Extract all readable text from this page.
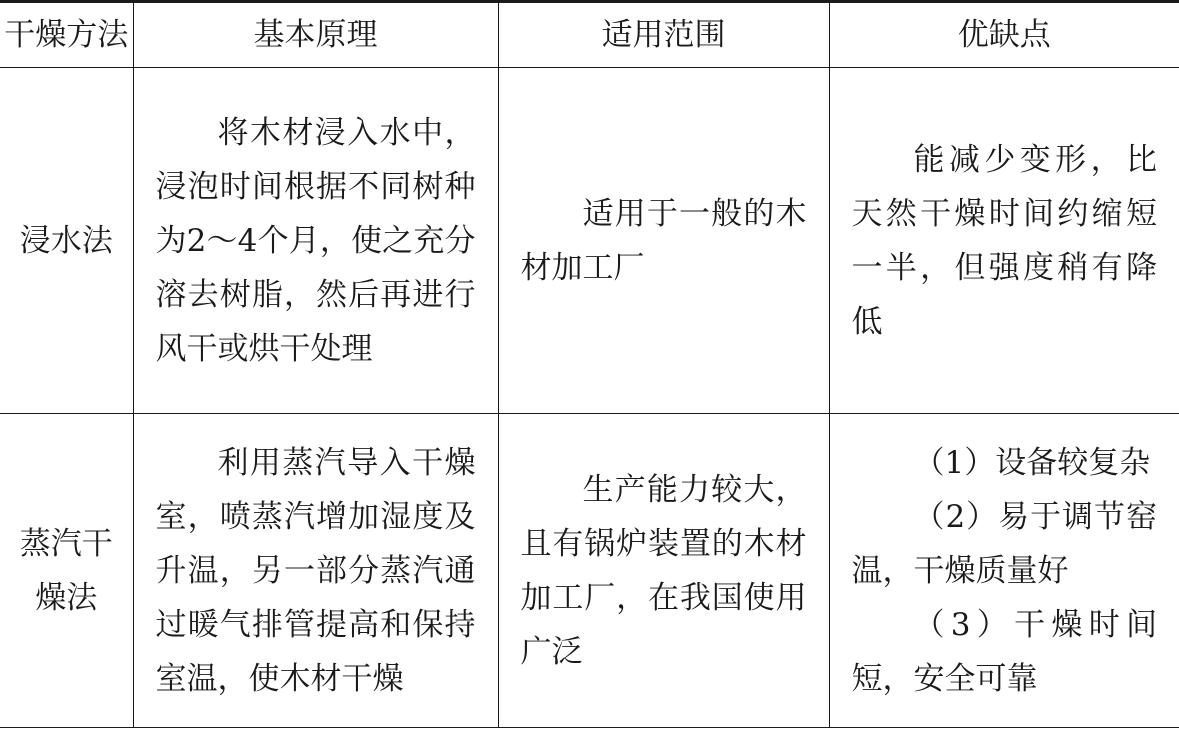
干燥方法	基本原理	适用范围	优缺点
浸水法	将木材浸入水中，浸泡时间根据不同树种为2～4个月，使之充分溶去树脂，然后再进行风干或烘干处理	适用于一般的木材加工厂	能减少变形，比天然干燥时间约缩短一半，但强度稍有降低

蒸汽干燥法	利用蒸汽导入干燥室，喷蒸汽增加湿度及升温，另一部分蒸汽通过暖气排管提高和保持室温，使木材干燥	生产能力较大，且有锅炉装置的木材加工厂，在我国使用广泛	（1）设备较复杂
（2）易于调节窑温，干燥质量好
（3）干燥时间短，安全可靠
